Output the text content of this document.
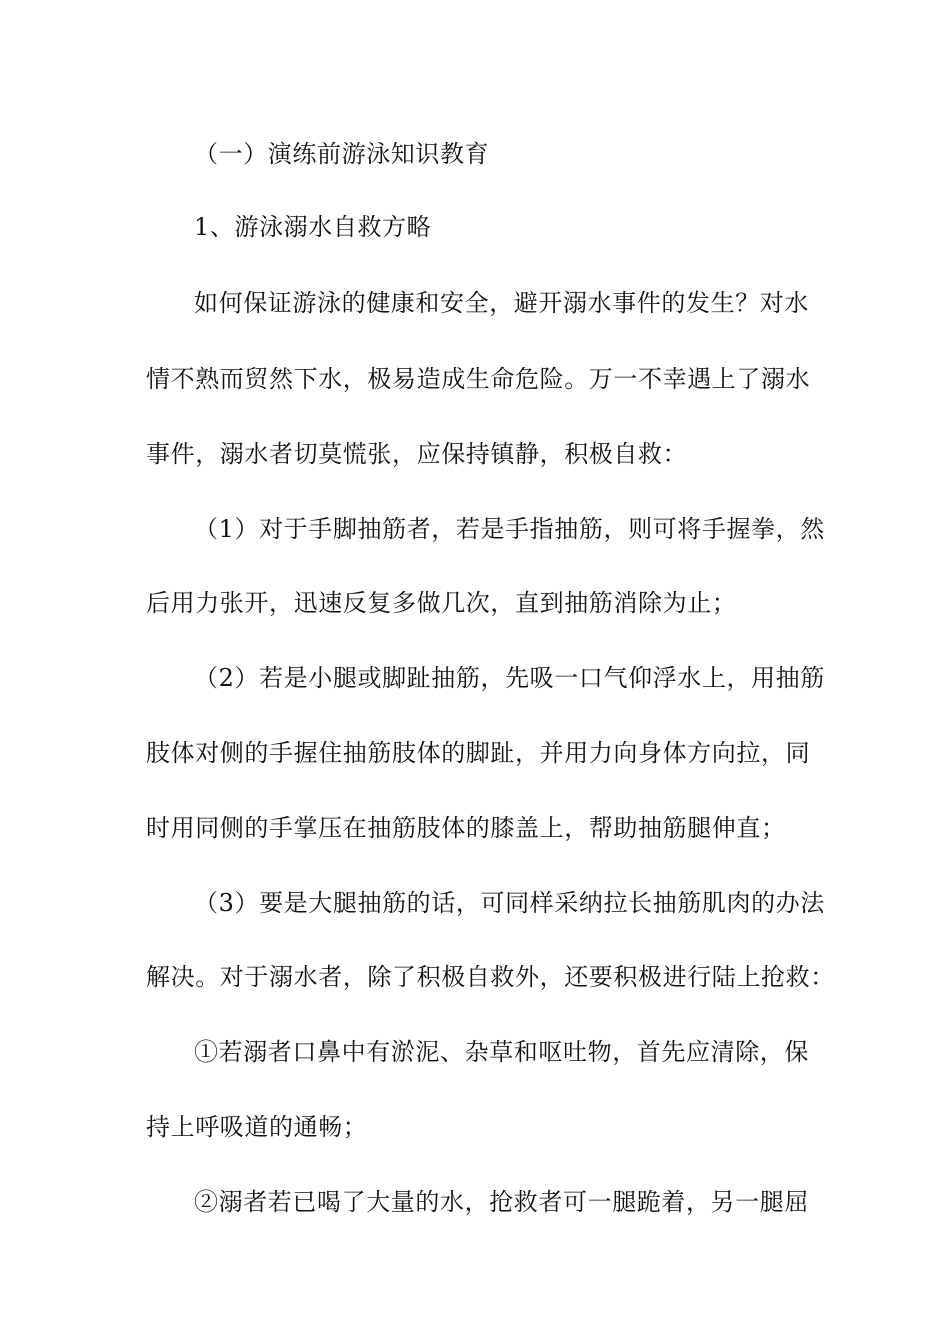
（一）演练前游泳知识教育
1、游泳溺水自救方略
如何保证游泳的健康和安全，避开溺水事件的发生？对水
情不熟而贸然下水，极易造成生命危险。万一不幸遇上了溺水
事件，溺水者切莫慌张，应保持镇静，积极自救：
（1）对于手脚抽筋者，若是手指抽筋，则可将手握拳，然
后用力张开，迅速反复多做几次，直到抽筋消除为止；
（2）若是小腿或脚趾抽筋，先吸一口气仰浮水上，用抽筋
肢体对侧的手握住抽筋肢体的脚趾，并用力向身体方向拉，同
时用同侧的手掌压在抽筋肢体的膝盖上，帮助抽筋腿伸直；
（3）要是大腿抽筋的话，可同样采纳拉长抽筋肌肉的办法
解决。对于溺水者，除了积极自救外，还要积极进行陆上抢救：
①若溺者口鼻中有淤泥、杂草和呕吐物，首先应清除，保
持上呼吸道的通畅；
②溺者若已喝了大量的水，抢救者可一腿跪着，另一腿屈
